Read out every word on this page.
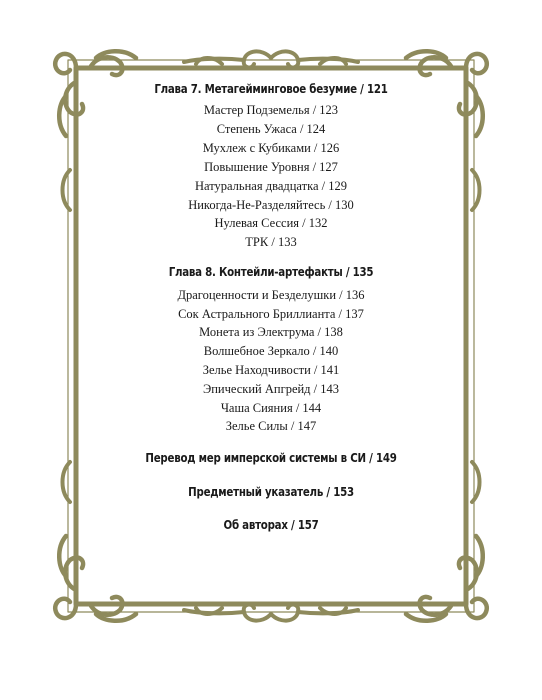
Глава 7. Метагейминговое безумие / 121
Мастер Подземелья / 123
Степень Ужаса / 124
Мухлеж с Кубиками / 126
Повышение Уровня / 127
Натуральная двадцатка / 129
Никогда-Не-Разделяйтесь / 130
Нулевая Сессия / 132
ТРК / 133
Глава 8. Контейли-артефакты / 135
Драгоценности и Безделушки / 136
Сок Астрального Бриллианта / 137
Монета из Электрума / 138
Волшебное Зеркало / 140
Зелье Находчивости / 141
Эпический Апгрейд / 143
Чаша Сияния / 144
Зелье Силы / 147
Перевод мер имперской системы в СИ / 149
Предметный указатель / 153
Об авторах / 157
